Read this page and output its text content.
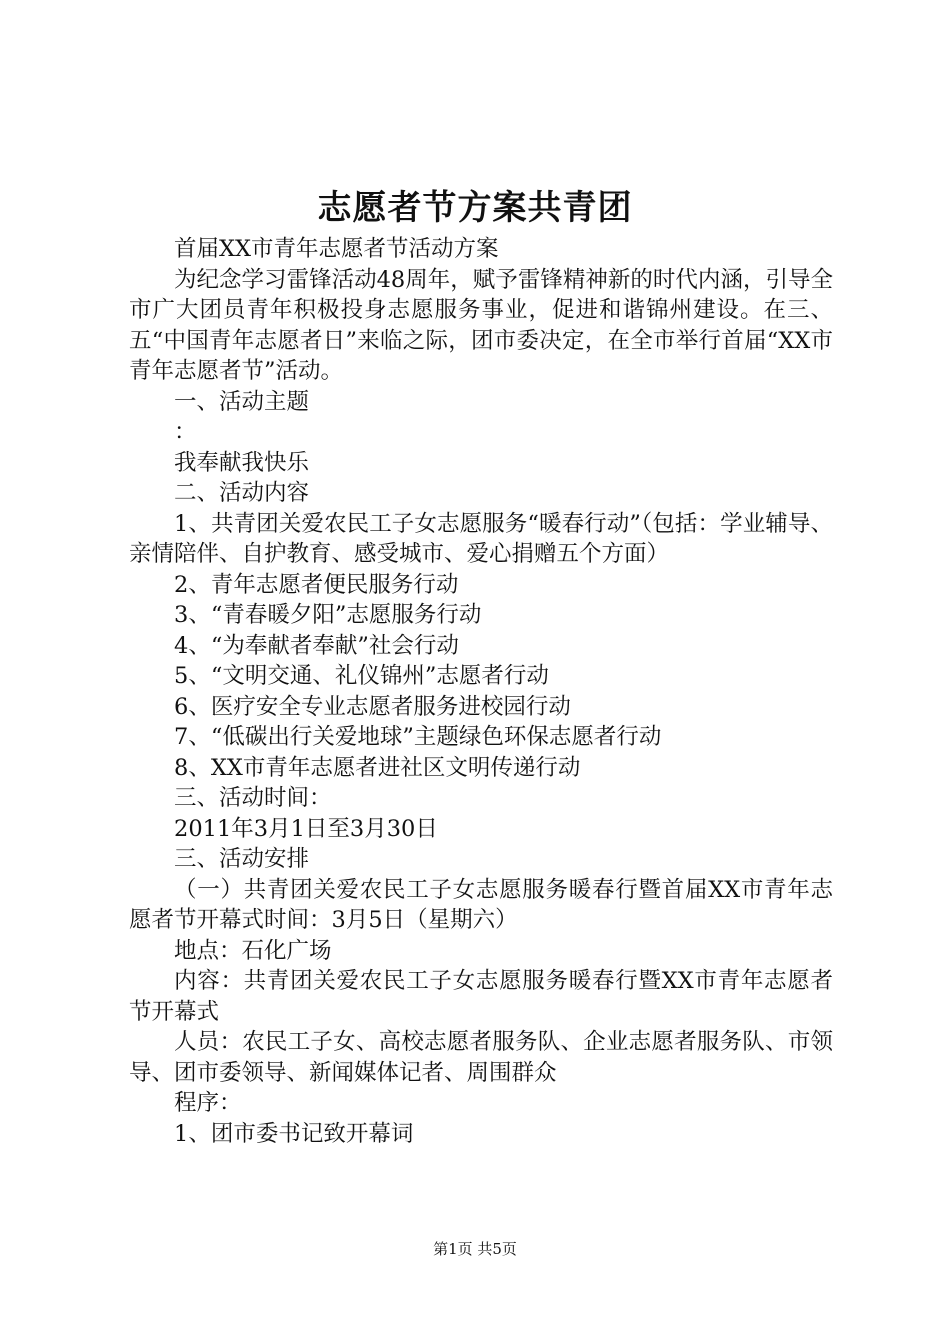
志愿者节方案共青团

首届XX市青年志愿者节活动方案

为纪念学习雷锋活动48周年，赋予雷锋精神新的时代内涵，引导全市广大团员青年积极投身志愿服务事业，促进和谐锦州建设。在三、五“中国青年志愿者日”来临之际，团市委决定，在全市举行首届“XX市青年志愿者节”活动。

一、活动主题

：

我奉献我快乐

二、活动内容

1、共青团关爱农民工子女志愿服务“暖春行动”（包括：学业辅导、亲情陪伴、自护教育、感受城市、爱心捐赠五个方面）

2、青年志愿者便民服务行动

3、“青春暖夕阳”志愿服务行动

4、“为奉献者奉献”社会行动

5、“文明交通、礼仪锦州”志愿者行动

6、医疗安全专业志愿者服务进校园行动

7、“低碳出行关爱地球”主题绿色环保志愿者行动

8、XX市青年志愿者进社区文明传递行动

三、活动时间：

2011年3月1日至3月30日

三、活动安排

（一）共青团关爱农民工子女志愿服务暖春行暨首届XX市青年志愿者节开幕式时间：3月5日（星期六）

地点：石化广场

内容：共青团关爱农民工子女志愿服务暖春行暨XX市青年志愿者节开幕式

人员：农民工子女、高校志愿者服务队、企业志愿者服务队、市领导、团市委领导、新闻媒体记者、周围群众

程序：

1、团市委书记致开幕词

第1页 共5页
